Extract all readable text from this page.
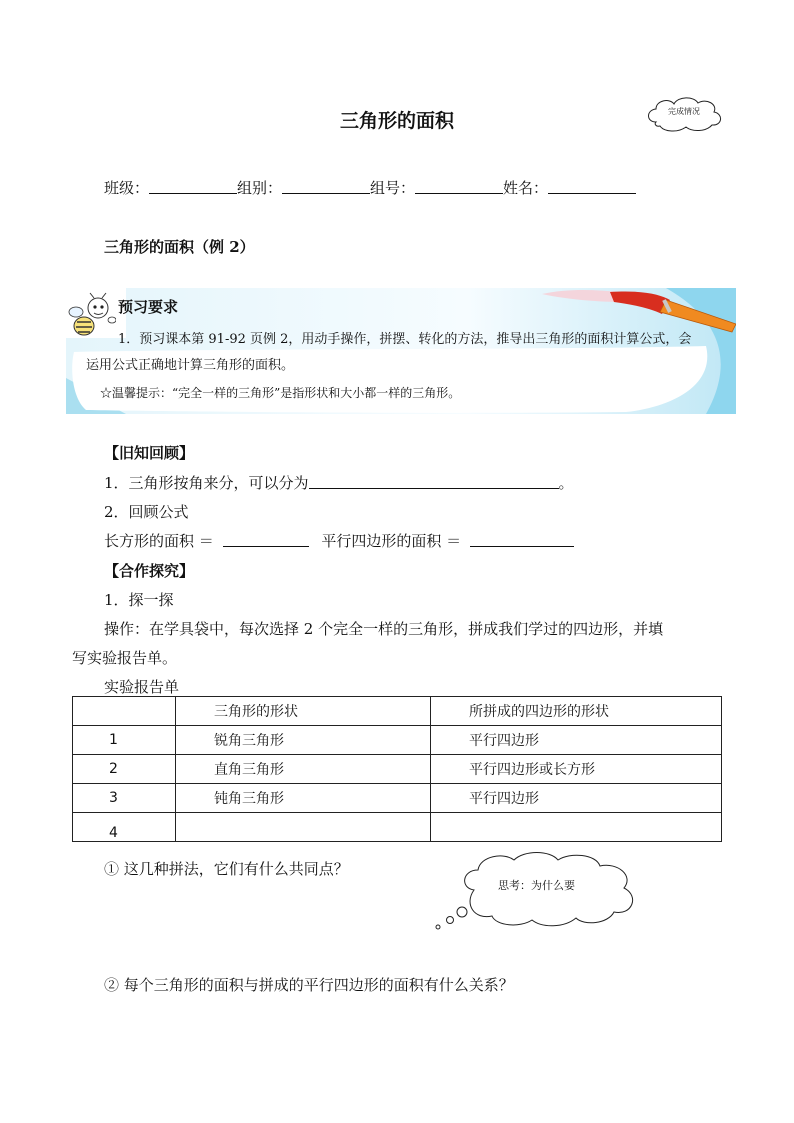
三角形的面积	完成情况
班级：	组别：	组号：	姓名：
三角形的面积（例 2）
预习要求
1．预习课本第 91-92 页例 2，用动手操作，拼摆、转化的方法，推导出三角形的面积计算公式，会
运用公式正确地计算三角形的面积。
☆温馨提示：“完全一样的三角形”是指形状和大小都一样的三角形。
【旧知回顾】
1．三角形按角来分，可以分为	。
2．回顾公式
长方形的面积 ＝	平行四边形的面积 ＝
【合作探究】
1．探一探
操作：在学具袋中，每次选择 2 个完全一样的三角形，拼成我们学过的四边形，并填
写实验报告单。
实验报告单
	三角形的形状	所拼成的四边形的形状
1	锐角三角形	平行四边形
2	直角三角形	平行四边形或长方形
3	钝角三角形	平行四边形
4		
① 这几种拼法，它们有什么共同点？
思考：为什么要
② 每个三角形的面积与拼成的平行四边形的面积有什么关系？
